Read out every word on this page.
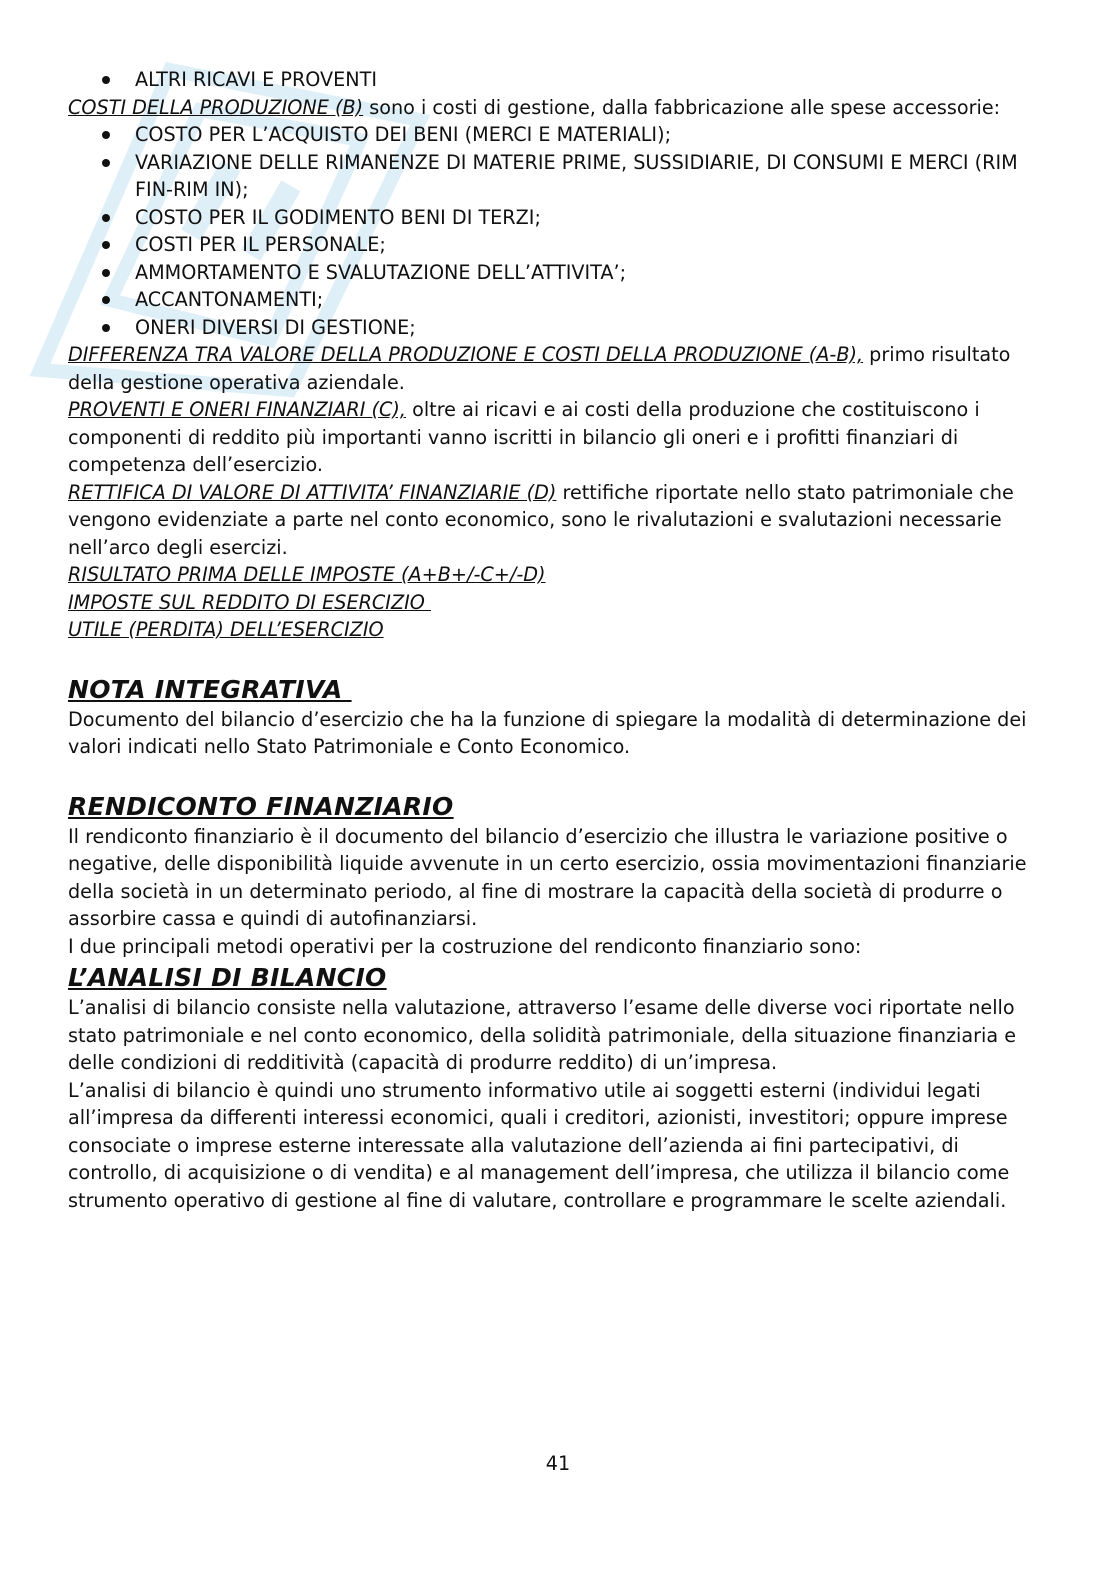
ALTRI RICAVI E PROVENTI

COSTI DELLA PRODUZIONE (B) sono i costi di gestione, dalla fabbricazione alle spese accessorie:

COSTO PER L’ACQUISTO DEI BENI (MERCI E MATERIALI);
VARIAZIONE DELLE RIMANENZE DI MATERIE PRIME, SUSSIDIARIE, DI CONSUMI E MERCI (RIM FIN-RIM IN);
COSTO PER IL GODIMENTO BENI DI TERZI;
COSTI PER IL PERSONALE;
AMMORTAMENTO E SVALUTAZIONE DELL’ATTIVITA’;
ACCANTONAMENTI;
ONERI DIVERSI DI GESTIONE;

DIFFERENZA TRA VALORE DELLA PRODUZIONE E COSTI DELLA PRODUZIONE (A-B), primo risultato della gestione operativa aziendale.

PROVENTI E ONERI FINANZIARI (C), oltre ai ricavi e ai costi della produzione che costituiscono i componenti di reddito più importanti vanno iscritti in bilancio gli oneri e i profitti finanziari di competenza dell’esercizio.

RETTIFICA DI VALORE DI ATTIVITA’ FINANZIARIE (D) rettifiche riportate nello stato patrimoniale che vengono evidenziate a parte nel conto economico, sono le rivalutazioni e svalutazioni necessarie nell’arco degli esercizi.

RISULTATO PRIMA DELLE IMPOSTE (A+B+/-C+/-D)

IMPOSTE SUL REDDITO DI ESERCIZIO

UTILE (PERDITA) DELL’ESERCIZIO

NOTA INTEGRATIVA

Documento del bilancio d’esercizio che ha la funzione di spiegare la modalità di determinazione dei valori indicati nello Stato Patrimoniale e Conto Economico.

RENDICONTO FINANZIARIO

Il rendiconto finanziario è il documento del bilancio d’esercizio che illustra le variazione positive o negative, delle disponibilità liquide avvenute in un certo esercizio, ossia movimentazioni finanziarie della società in un determinato periodo, al fine di mostrare la capacità della società di produrre o assorbire cassa e quindi di autofinanziarsi.

I due principali metodi operativi per la costruzione del rendiconto finanziario sono:

L’ANALISI DI BILANCIO

L’analisi di bilancio consiste nella valutazione, attraverso l’esame delle diverse voci riportate nello stato patrimoniale e nel conto economico, della solidità patrimoniale, della situazione finanziaria e delle condizioni di redditività (capacità di produrre reddito) di un’impresa.

L’analisi di bilancio è quindi uno strumento informativo utile ai soggetti esterni (individui legati all’impresa da differenti interessi economici, quali i creditori, azionisti, investitori; oppure imprese consociate o imprese esterne interessate alla valutazione dell’azienda ai fini partecipativi, di controllo, di acquisizione o di vendita) e al management dell’impresa, che utilizza il bilancio come strumento operativo di gestione al fine di valutare, controllare e programmare le scelte aziendali.

41
